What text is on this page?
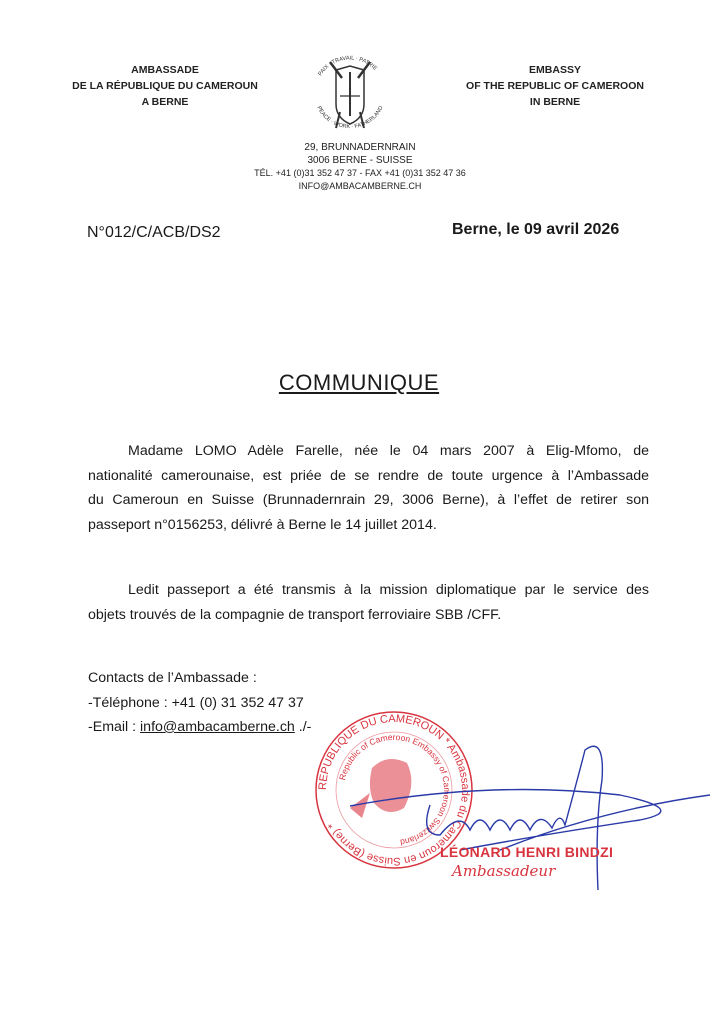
AMBASSADE
DE LA RÉPUBLIQUE DU CAMEROUN
A BERNE
EMBASSY
OF THE REPUBLIC OF CAMEROON
IN BERNE
PAIX · TRAVAIL · PATRIE
PEACE · WORK · FATHERLAND
29, BRUNNADERNRAIN
3006 BERNE - SUISSE
TÉL. +41 (0)31 352 47 37 - FAX +41 (0)31 352 47 36
INFO@AMBACAMBERNE.CH
N°012/C/ACB/DS2	Berne, le 09 avril 2026
COMMUNIQUE
Madame LOMO Adèle Farelle, née le 04 mars 2007 à Elig-Mfomo, de
nationalité camerounaise, est priée de se rendre de toute urgence à l’Ambassade
du Cameroun en Suisse (Brunnadernrain 29, 3006 Berne), à l’effet de retirer son
passeport n°0156253, délivré à Berne le 14 juillet 2014.
Ledit passeport a été transmis à la mission diplomatique par le service des
objets trouvés de la compagnie de transport ferroviaire SBB /CFF.
Contacts de l’Ambassade :
-Téléphone : +41 (0) 31 352 47 37
-Email : info@ambacamberne.ch ./-
REPUBLIQUE DU CAMEROUN * Ambassade du Cameroun en Suisse (Berne) *
Republic of Cameroon Embassy of Cameroon Switzerland
LÉONARD HENRI BINDZI
Ambassadeur
